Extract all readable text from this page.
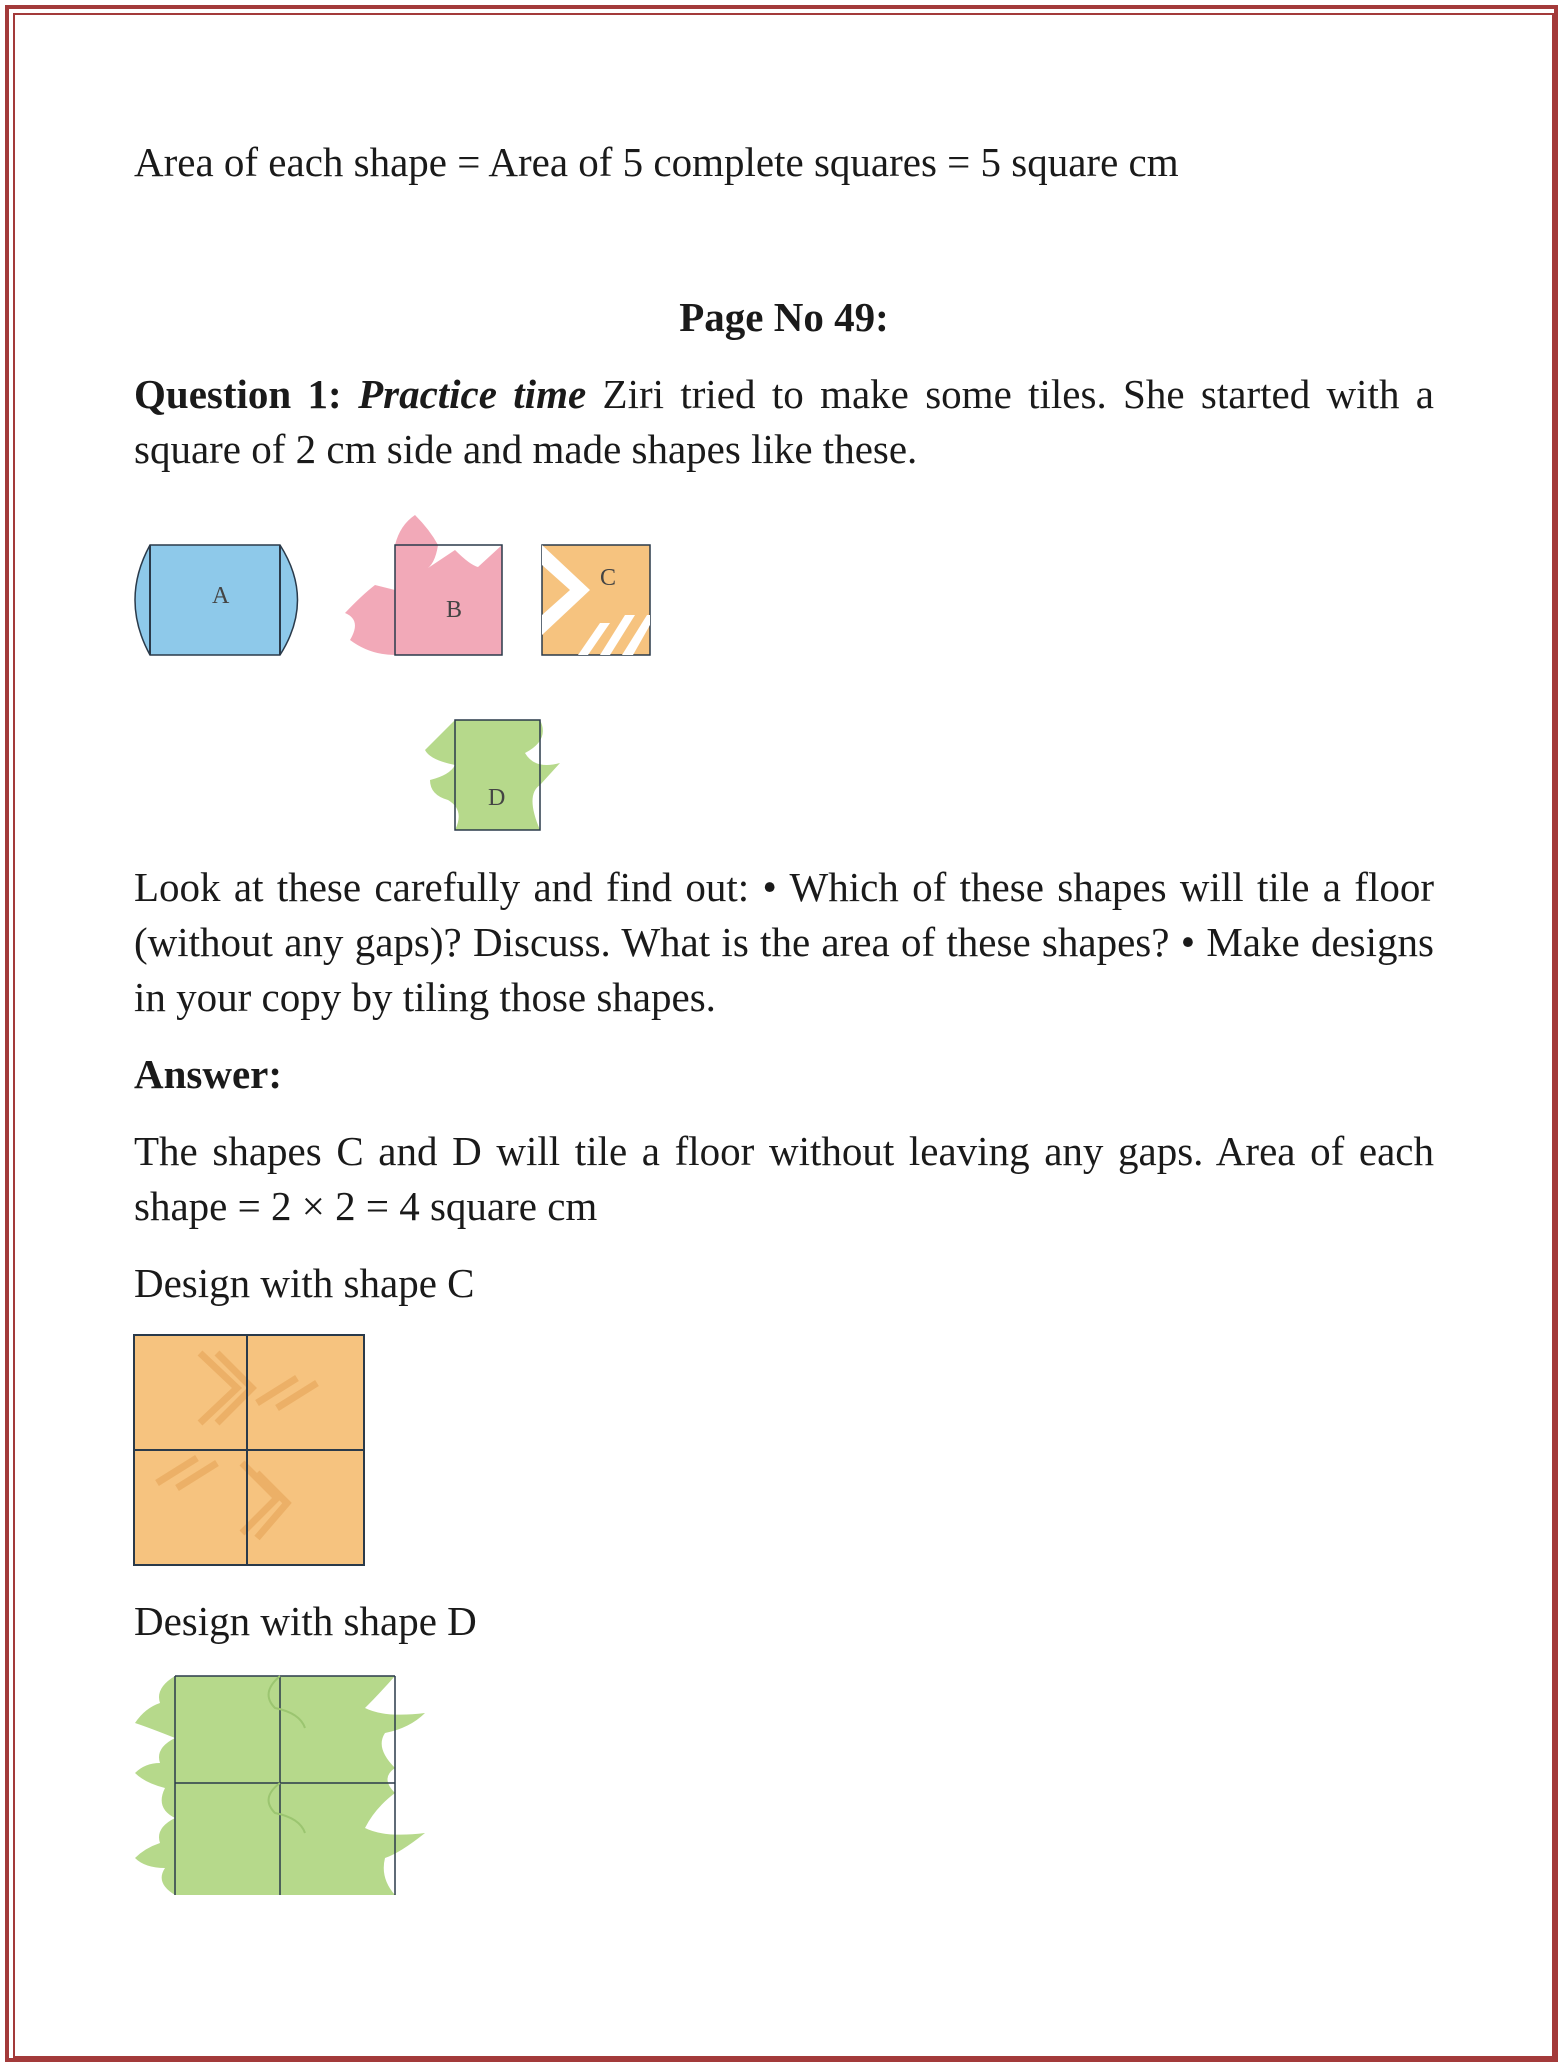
Area of each shape = Area of 5 complete squares = 5 square cm

Page No 49:

Question 1: Practice time Ziri tried to make some tiles. She started with a square of 2 cm side and made shapes like these.

A
B
C
D

Look at these carefully and find out: • Which of these shapes will tile a floor (without any gaps)? Discuss. What is the area of these shapes? • Make designs in your copy by tiling those shapes.

Answer:

The shapes C and D will tile a floor without leaving any gaps. Area of each shape = 2 × 2 = 4 square cm

Design with shape C

Design with shape D
